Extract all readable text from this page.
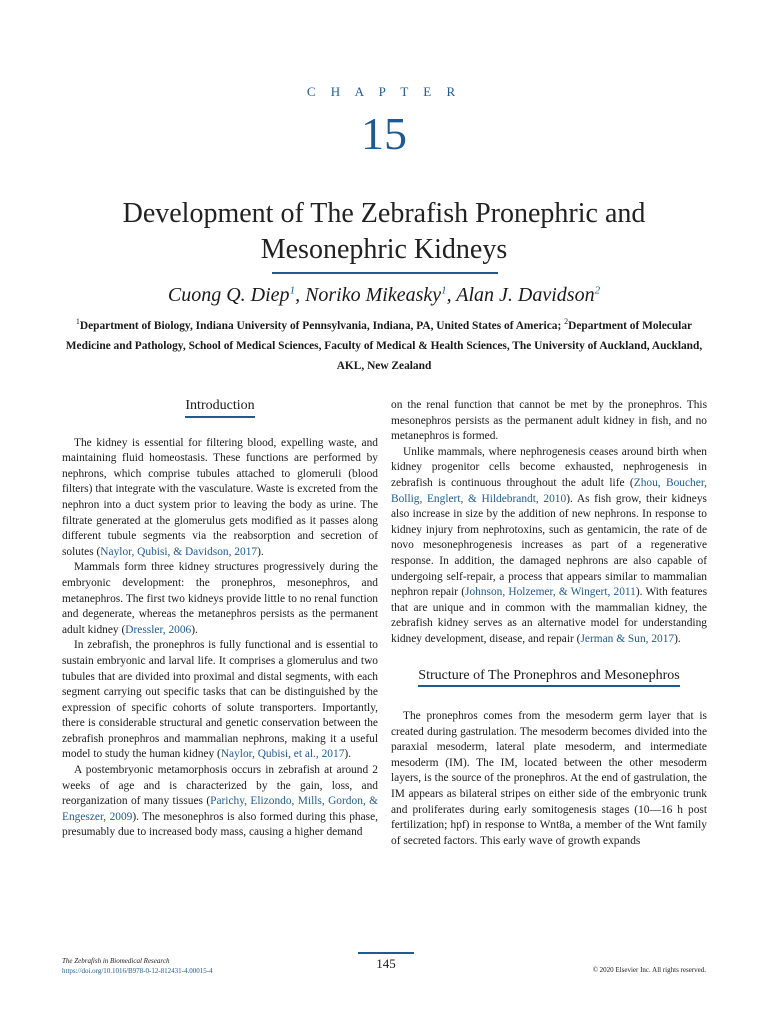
C H A P T E R
15
Development of The Zebrafish Pronephric and
Mesonephric Kidneys
Cuong Q. Diep$^1$, Noriko Mikeasky$^1$, Alan J. Davidson$^2$
$^1$Department of Biology, Indiana University of Pennsylvania, Indiana, PA, United States of America; $^2$Department of Molecular Medicine and Pathology, School of Medical Sciences, Faculty of Medical & Health Sciences, The University of Auckland, Auckland, AKL, New Zealand
Introduction

The kidney is essential for filtering blood, expelling waste, and maintaining fluid homeostasis. These functions are performed by nephrons, which comprise tubules attached to glomeruli (blood filters) that integrate with the vasculature. Waste is excreted from the nephron into a duct system prior to leaving the body as urine. The filtrate generated at the glomerulus gets modified as it passes along different tubule segments via the reabsorption and secretion of solutes (Naylor, Qubisi, & Davidson, 2017).

Mammals form three kidney structures progressively during the embryonic development: the pronephros, mesonephros, and metanephros. The first two kidneys provide little to no renal function and degenerate, whereas the metanephros persists as the permanent adult kidney (Dressler, 2006).

In zebrafish, the pronephros is fully functional and is essential to sustain embryonic and larval life. It comprises a glomerulus and two tubules that are divided into proximal and distal segments, with each segment carrying out specific tasks that can be distinguished by the expression of specific cohorts of solute transporters. Importantly, there is considerable structural and genetic conservation between the zebrafish pronephros and mammalian nephrons, making it a useful model to study the human kidney (Naylor, Qubisi, et al., 2017).

A postembryonic metamorphosis occurs in zebrafish at around 2 weeks of age and is characterized by the gain, loss, and reorganization of many tissues (Parichy, Elizondo, Mills, Gordon, & Engeszer, 2009). The mesonephros is also formed during this phase, presumably due to increased body mass, causing a higher demand

on the renal function that cannot be met by the pronephros. This mesonephros persists as the permanent adult kidney in fish, and no metanephros is formed.

Unlike mammals, where nephrogenesis ceases around birth when kidney progenitor cells become exhausted, nephrogenesis in zebrafish is continuous throughout the adult life (Zhou, Boucher, Bollig, Englert, & Hildebrandt, 2010). As fish grow, their kidneys also increase in size by the addition of new nephrons. In response to kidney injury from nephrotoxins, such as gentamicin, the rate of de novo mesonephrogenesis increases as part of a regenerative response. In addition, the damaged nephrons are also capable of undergoing self-repair, a process that appears similar to mammalian nephron repair (Johnson, Holzemer, & Wingert, 2011). With features that are unique and in common with the mammalian kidney, the zebrafish kidney serves as an alternative model for understanding kidney development, disease, and repair (Jerman & Sun, 2017).

Structure of The Pronephros and Mesonephros

The pronephros comes from the mesoderm germ layer that is created during gastrulation. The mesoderm becomes divided into the paraxial mesoderm, lateral plate mesoderm, and intermediate mesoderm (IM). The IM, located between the other mesoderm layers, is the source of the pronephros. At the end of gastrulation, the IM appears as bilateral stripes on either side of the embryonic trunk and proliferates during early somitogenesis stages (10—16 h post fertilization; hpf) in response to Wnt8a, a member of the Wnt family of secreted factors. This early wave of growth expands

The Zebrafish in Biomedical Research
https://doi.org/10.1016/B978-0-12-812431-4.00015-4	145	© 2020 Elsevier Inc. All rights reserved.
